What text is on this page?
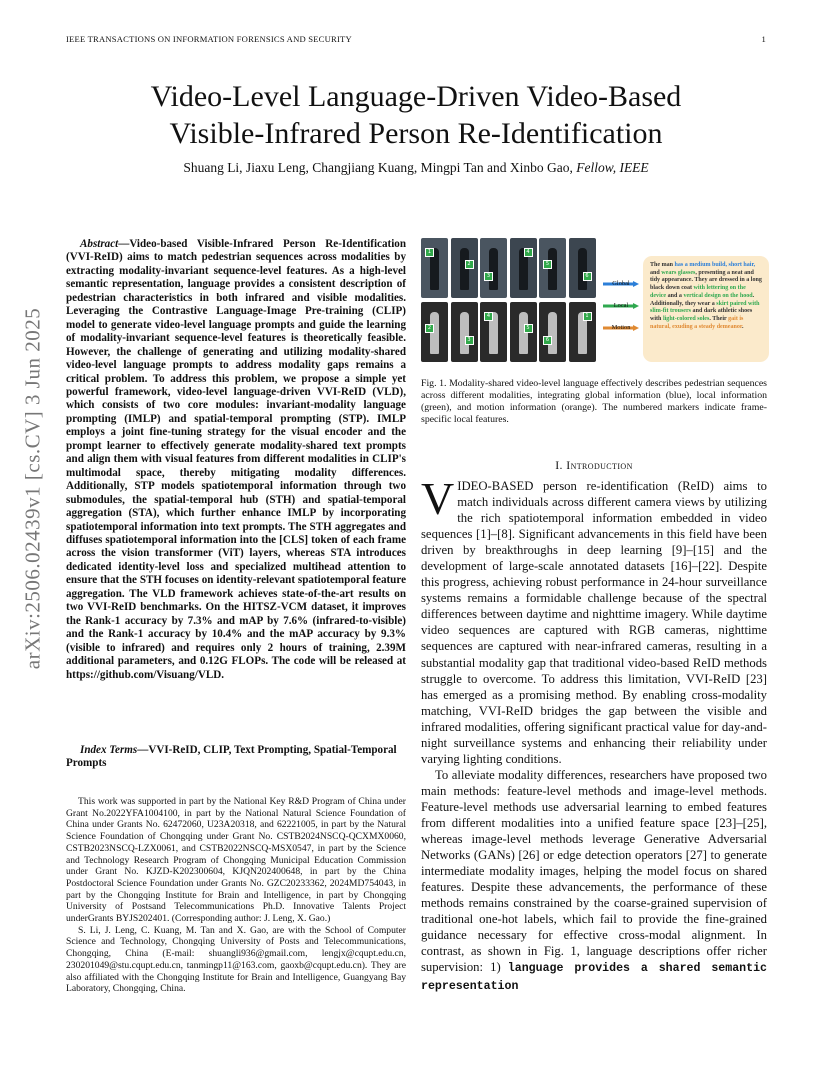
IEEE TRANSACTIONS ON INFORMATION FORENSICS AND SECURITY	1
arXiv:2506.02439v1 [cs.CV] 3 Jun 2025
Video-Level Language-Driven Video-Based
Visible-Infrared Person Re-Identification
Shuang Li, Jiaxu Leng, Changjiang Kuang, Mingpi Tan and Xinbo Gao, Fellow, IEEE
Abstract—Video-based Visible-Infrared Person Re-Identification (VVI-ReID) aims to match pedestrian sequences across modalities by extracting modality-invariant sequence-level features. As a high-level semantic representation, language provides a consistent description of pedestrian characteristics in both infrared and visible modalities. Leveraging the Contrastive Language-Image Pre-training (CLIP) model to generate video-level language prompts and guide the learning of modality-invariant sequence-level features is theoretically feasible. However, the challenge of generating and utilizing modality-shared video-level language prompts to address modality gaps remains a critical problem. To address this problem, we propose a simple yet powerful framework, video-level language-driven VVI-ReID (VLD), which consists of two core modules: invariant-modality language prompting (IMLP) and spatial-temporal prompting (STP). IMLP employs a joint fine-tuning strategy for the visual encoder and the prompt learner to effectively generate modality-shared text prompts and align them with visual features from different modalities in CLIP's multimodal space, thereby mitigating modality differences. Additionally, STP models spatiotemporal information through two submodules, the spatial-temporal hub (STH) and spatial-temporal aggregation (STA), which further enhance IMLP by incorporating spatiotemporal information into text prompts. The STH aggregates and diffuses spatiotemporal information into the [CLS] token of each frame across the vision transformer (ViT) layers, whereas STA introduces dedicated identity-level loss and specialized multihead attention to ensure that the STH focuses on identity-relevant spatiotemporal feature aggregation. The VLD framework achieves state-of-the-art results on two VVI-ReID benchmarks. On the HITSZ-VCM dataset, it improves the Rank-1 accuracy by 7.3% and mAP by 7.6% (infrared-to-visible) and the Rank-1 accuracy by 10.4% and the mAP accuracy by 9.3% (visible to infrared) and requires only 2 hours of training, 2.39M additional parameters, and 0.12G FLOPs. The code will be released at https://github.com/Visuang/VLD.
Index Terms—VVI-ReID, CLIP, Text Prompting, Spatial-Temporal Prompts

This work was supported in part by the National Key R&D Program of China under Grant No.2022YFA1004100, in part by the National Natural Science Foundation of China under Grants No. 62472060, U23A20318, and 62221005, in part by the Natural Science Foundation of Chongqing under Grant No. CSTB2024NSCQ-QCXMX0060, CSTB2023NSCQ-LZX0061, and CSTB2022NSCQ-MSX0547, in part by the Science and Technology Research Program of Chongqing Municipal Education Commission under Grant No. KJZD-K202300604, KJQN202400648, in part by the China Postdoctoral Science Foundation under Grants No. GZC20233362, 2024MD754043, in part by the Chongqing Institute for Brain and Intelligence, in part by Chongqing University of Postsand Telecommunications Ph.D. Innovative Talents Project underGrants BYJS202401. (Corresponding author: J. Leng, X. Gao.)

S. Li, J. Leng, C. Kuang, M. Tan and X. Gao, are with the School of Computer Science and Technology, Chongqing University of Posts and Telecommunications, Chongqing, China (E-mail: shuangli936@gmail.com, lengjx@cqupt.edu.cn, 230201049@stu.cqupt.edu.cn, tanmingp11@163.com, gaoxb@cqupt.edu.cn). They are also affiliated with the Chongqing Institute for Brain and Intelligence, Guangyang Bay Laboratory, Chongqing, China.

1
2
3
4
5
6
2
3
4
5
6
1
Global
Local
Motion
The man has a medium build, short hair, and wears glasses, presenting a neat and tidy appearance. They are dressed in a long black down coat with lettering on the device and a vertical design on the hood. Additionally, they wear a skirt paired with slim-fit trousers and dark athletic shoes with light-colored soles. Their gait is natural, exuding a steady demeanor.
Fig. 1. Modality-shared video-level language effectively describes pedestrian sequences across different modalities, integrating global information (blue), local information (green), and motion information (orange). The numbered markers indicate frame-specific local features.
I. Introduction

VIDEO-BASED person re-identification (ReID) aims to match individuals across different camera views by utilizing the rich spatiotemporal information embedded in video sequences [1]–[8]. Significant advancements in this field have been driven by breakthroughs in deep learning [9]–[15] and the development of large-scale annotated datasets [16]–[22]. Despite this progress, achieving robust performance in 24-hour surveillance systems remains a formidable challenge because of the spectral differences between daytime and nighttime imagery. While daytime video sequences are captured with RGB cameras, nighttime sequences are captured with near-infrared cameras, resulting in a substantial modality gap that traditional video-based ReID methods struggle to overcome. To address this limitation, VVI-ReID [23] has emerged as a promising method. By enabling cross-modality matching, VVI-ReID bridges the gap between the visible and infrared modalities, offering significant practical value for day-and-night surveillance systems and enhancing their reliability under varying lighting conditions.

To alleviate modality differences, researchers have proposed two main methods: feature-level methods and image-level methods. Feature-level methods use adversarial learning to embed features from different modalities into a unified feature space [23]–[25], whereas image-level methods leverage Generative Adversarial Networks (GANs) [26] or edge detection operators [27] to generate intermediate modality images, helping the model focus on shared features. Despite these advancements, the performance of these methods remains constrained by the coarse-grained supervision of traditional one-hot labels, which fail to provide the fine-grained guidance necessary for effective cross-modal alignment. In contrast, as shown in Fig. 1, language descriptions offer richer supervision: 1) language provides a shared semantic representation
